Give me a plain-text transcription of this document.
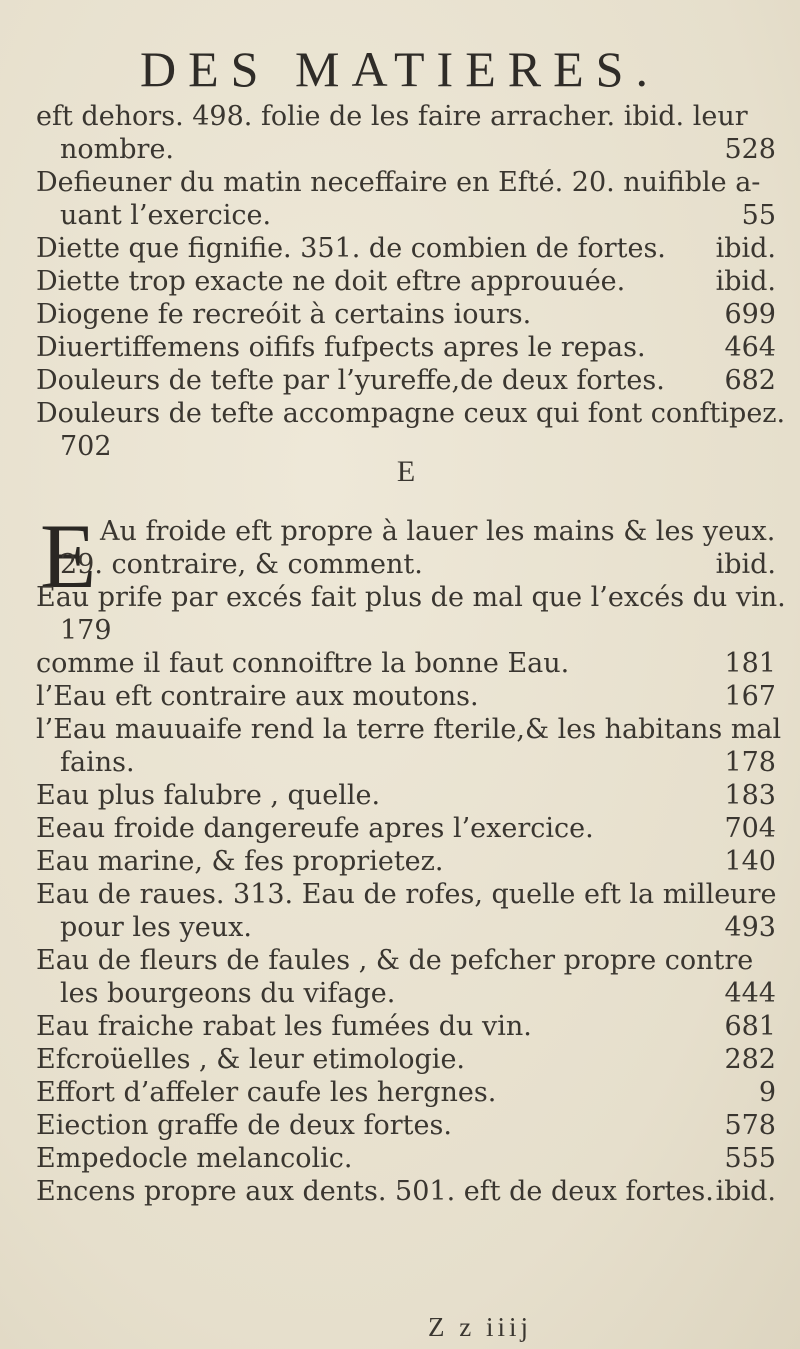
DES MATIERES.
eft dehors. 498. folie de les faire arracher. ibid. leur
nombre.	528
Defieuner du matin neceffaire en Efté. 20. nuifible a-
uant l’exercice.	55
Diette que fignifie. 351. de combien de fortes. ibid.
Diette trop exacte ne doit eftre approuuée.	ibid.
Diogene fe recreóit à certains iours.	699
Diuertiffemens oififs fufpects apres le repas.	464
Douleurs de tefte par l’yureffe,de deux fortes. 682
Douleurs de tefte accompagne ceux qui font conftipez.
702
E
E Au froide eft propre à lauer les mains & les yeux.
29. contraire, & comment.	ibid.
Eau prife par excés fait plus de mal que l’excés du vin.
179
comme il faut connoiftre la bonne Eau.	181
l’Eau eft contraire aux moutons.	167
l’Eau mauuaife rend la terre fterile,& les habitans mal
fains.	178
Eau plus falubre , quelle.	183
Eeau froide dangereufe apres l’exercice.	704
Eau marine, & fes proprietez.	140
Eau de raues. 313. Eau de rofes, quelle eft la milleure
pour les yeux.	493
Eau de fleurs de faules , & de pefcher propre contre
les bourgeons du vifage.	444
Eau fraiche rabat les fumées du vin.	681
Efcroüelles , & leur etimologie.	282
Effort d’affeler caufe les hergnes.	9
Eiection graffe de deux fortes.	578
Empedocle melancolic.	555
Encens propre aux dents. 501. eft de deux fortes. ibid.
Z z iiij
